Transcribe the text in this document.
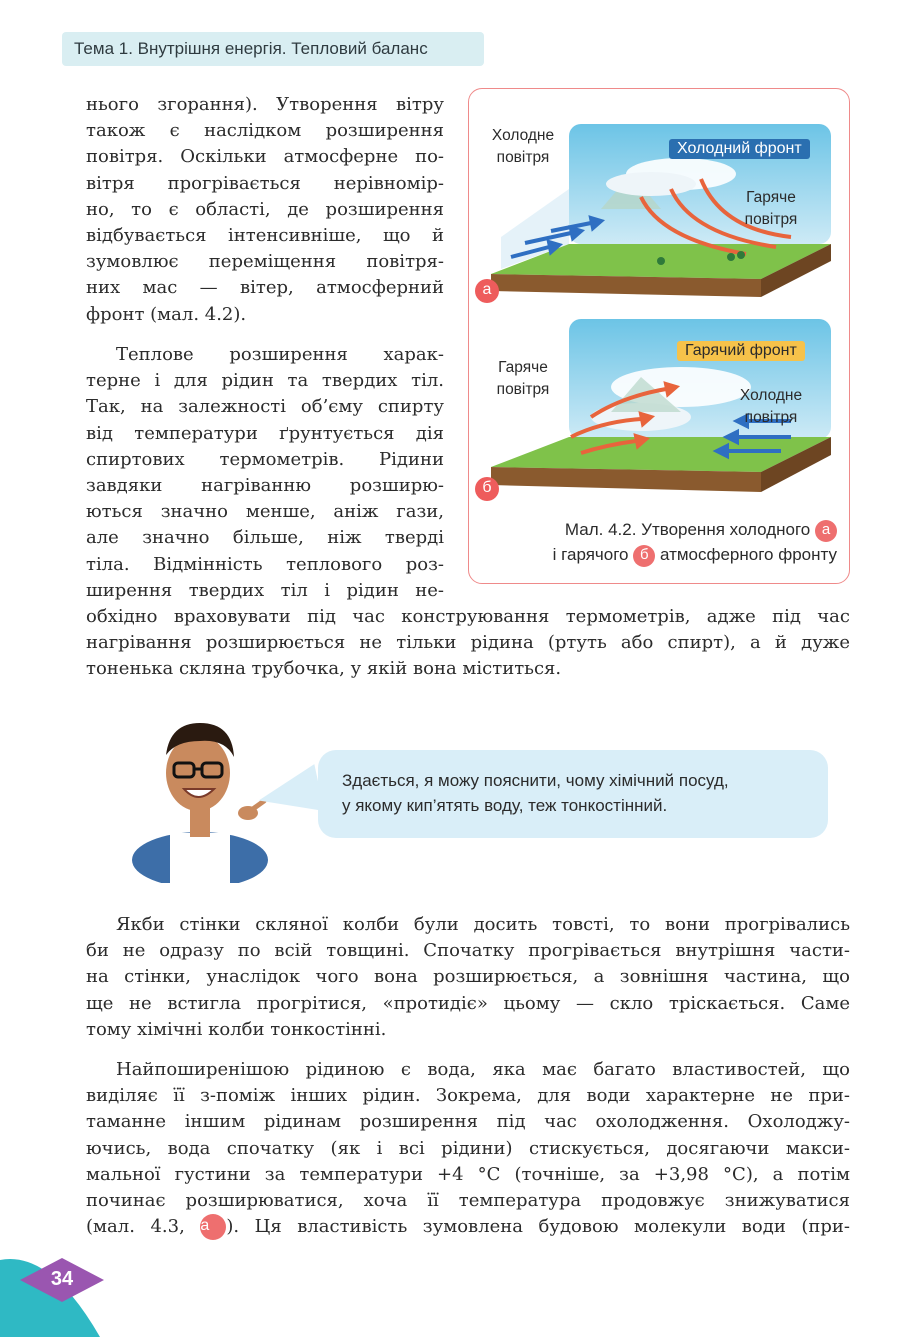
Тема 1. Внутрішня енергія. Тепловий баланс
нього згорання). Утворення вітру
також є наслідком розширення
повітря. Оскільки атмосферне по-
вітря прогрівається нерівномір-
но, то є області, де розширення
відбувається інтенсивніше, що й
зумовлює переміщення повітря-
них мас — вітер, атмосферний
фронт (мал. 4.2).
Теплове розширення харак-
терне і для рідин та твердих тіл.
Так, на залежності об’єму спирту
від температури ґрунтується дія
спиртових термометрів. Рідини
завдяки нагріванню розширю-
ються значно менше, аніж гази,
але значно більше, ніж тверді
тіла. Відмінність теплового роз-
ширення твердих тіл і рідин не-
обхідно враховувати під час конструювання термометрів, адже під час
нагрівання розширюється не тільки рідина (ртуть або спирт), а й дуже
тоненька скляна трубочка, у якій вона міститься.
Холодне
повітря
Холодний фронт
Гаряче
повітря
а
Гарячий фронт
Гаряче
повітря	Холодне
повітря
б
Мал. 4.2. Утворення холодного а
і гарячого б атмосферного фронту
Здається, я можу пояснити, чому хімічний посуд,
у якому кип’ятять воду, теж тонкостінний.
Якби стінки скляної колби були досить товсті, то вони прогрівались
би не одразу по всій товщині. Спочатку прогрівається внутрішня части-
на стінки, унаслідок чого вона розширюється, а зовнішня частина, що
ще не встигла прогрітися, «протидіє» цьому — скло тріскається. Саме
тому хімічні колби тонкостінні.
Найпоширенішою рідиною є вода, яка має багато властивостей, що
виділяє її з-поміж інших рідин. Зокрема, для води характерне не при-
таманне іншим рідинам розширення під час охолодження. Охолоджу-
ючись, вода спочатку (як і всі рідини) стискується, досягаючи макси-
мальної густини за температури +4 °С (точніше, за +3,98 °С), а потім
починає розширюватися, хоча її температура продовжує знижуватися
(мал. 4.3, а ). Ця властивість зумовлена будовою молекули води (при-
34
